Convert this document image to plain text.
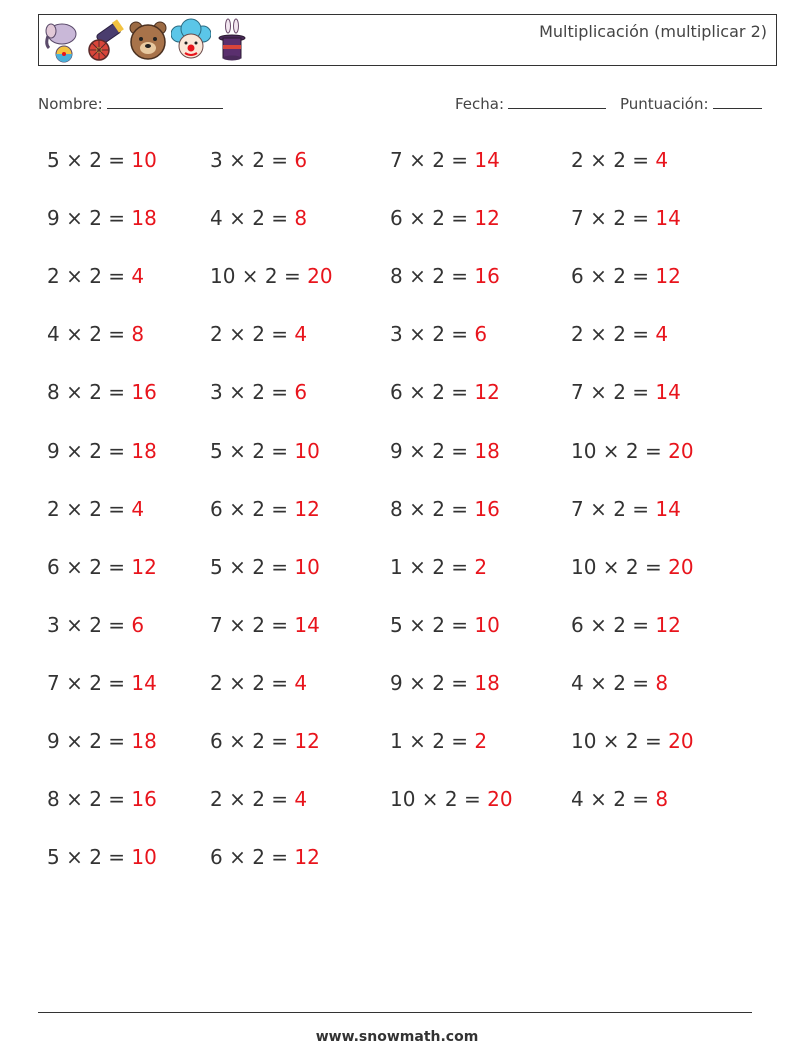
Multiplicación (multiplicar 2)
Nombre:	Fecha:	Puntuación:
5 × 2 = 10	3 × 2 = 6	7 × 2 = 14	2 × 2 = 4
9 × 2 = 18	4 × 2 = 8	6 × 2 = 12	7 × 2 = 14
2 × 2 = 4	10 × 2 = 20	8 × 2 = 16	6 × 2 = 12
4 × 2 = 8	2 × 2 = 4	3 × 2 = 6	2 × 2 = 4
8 × 2 = 16	3 × 2 = 6	6 × 2 = 12	7 × 2 = 14
9 × 2 = 18	5 × 2 = 10	9 × 2 = 18	10 × 2 = 20
2 × 2 = 4	6 × 2 = 12	8 × 2 = 16	7 × 2 = 14
6 × 2 = 12	5 × 2 = 10	1 × 2 = 2	10 × 2 = 20
3 × 2 = 6	7 × 2 = 14	5 × 2 = 10	6 × 2 = 12
7 × 2 = 14	2 × 2 = 4	9 × 2 = 18	4 × 2 = 8
9 × 2 = 18	6 × 2 = 12	1 × 2 = 2	10 × 2 = 20
8 × 2 = 16	2 × 2 = 4	10 × 2 = 20	4 × 2 = 8
5 × 2 = 10	6 × 2 = 12
www.snowmath.com
